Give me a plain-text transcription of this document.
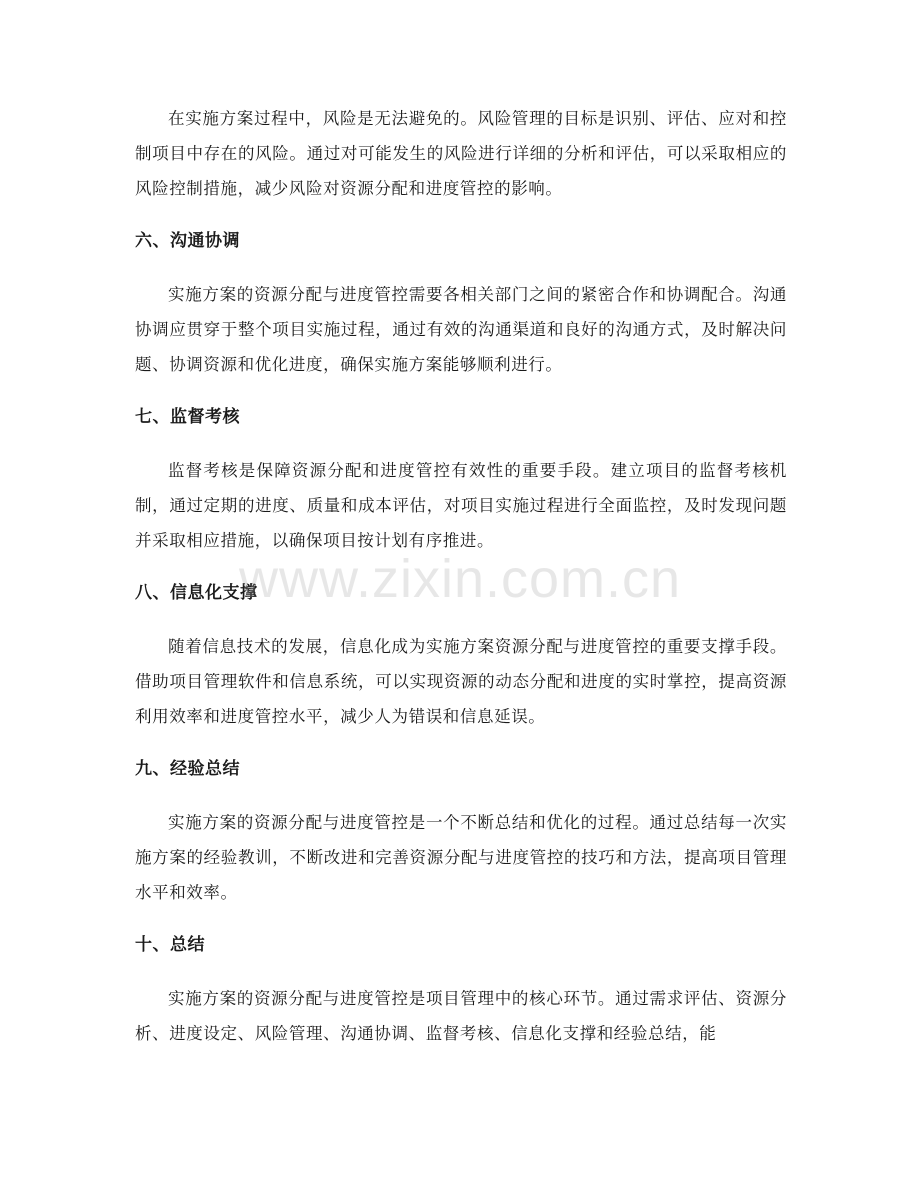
在实施方案过程中，风险是无法避免的。风险管理的目标是识别、评估、应对和控制项目中存在的风险。通过对可能发生的风险进行详细的分析和评估，可以采取相应的风险控制措施，减少风险对资源分配和进度管控的影响。

六、沟通协调

实施方案的资源分配与进度管控需要各相关部门之间的紧密合作和协调配合。沟通协调应贯穿于整个项目实施过程，通过有效的沟通渠道和良好的沟通方式，及时解决问题、协调资源和优化进度，确保实施方案能够顺利进行。

七、监督考核

监督考核是保障资源分配和进度管控有效性的重要手段。建立项目的监督考核机制，通过定期的进度、质量和成本评估，对项目实施过程进行全面监控，及时发现问题并采取相应措施，以确保项目按计划有序推进。

八、信息化支撑

随着信息技术的发展，信息化成为实施方案资源分配与进度管控的重要支撑手段。借助项目管理软件和信息系统，可以实现资源的动态分配和进度的实时掌控，提高资源利用效率和进度管控水平，减少人为错误和信息延误。

九、经验总结

实施方案的资源分配与进度管控是一个不断总结和优化的过程。通过总结每一次实施方案的经验教训，不断改进和完善资源分配与进度管控的技巧和方法，提高项目管理水平和效率。

十、总结

实施方案的资源分配与进度管控是项目管理中的核心环节。通过需求评估、资源分析、进度设定、风险管理、沟通协调、监督考核、信息化支撑和经验总结，能

www.zixin.com.cn
